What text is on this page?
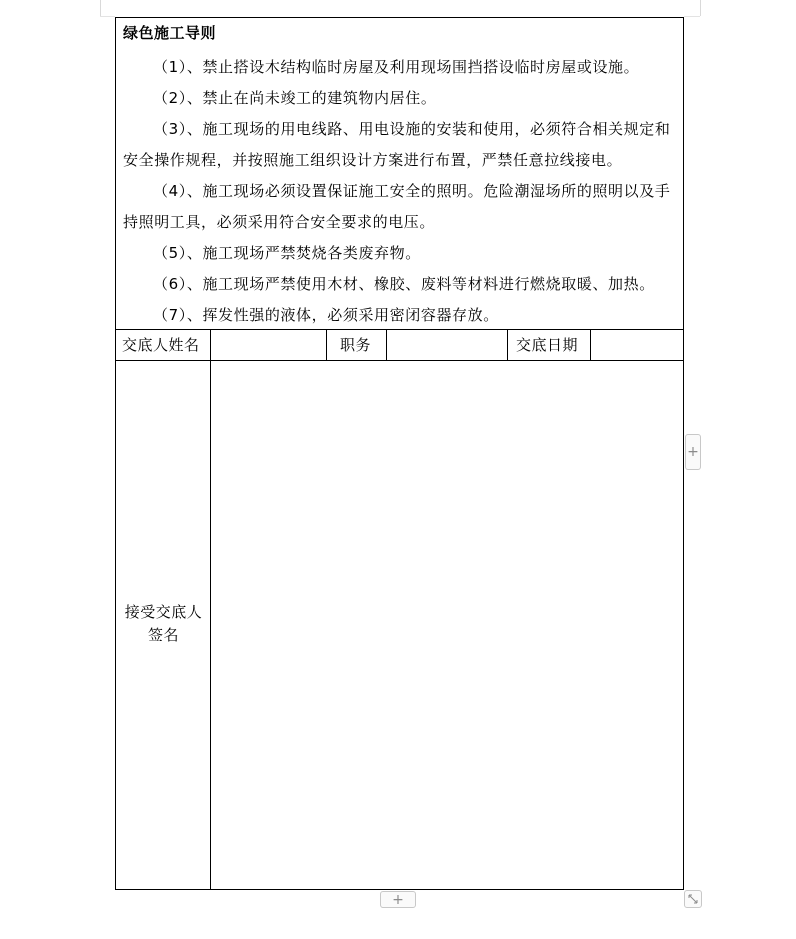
绿色施工导则

（1）、禁止搭设木结构临时房屋及利用现场围挡搭设临时房屋或设施。

（2）、禁止在尚未竣工的建筑物内居住。

（3）、施工现场的用电线路、用电设施的安装和使用，必须符合相关规定和安全操作规程，并按照施工组织设计方案进行布置，严禁任意拉线接电。

（4）、施工现场必须设置保证施工安全的照明。危险潮湿场所的照明以及手持照明工具，必须采用符合安全要求的电压。

（5）、施工现场严禁焚烧各类废弃物。

（6）、施工现场严禁使用木材、橡胶、废料等材料进行燃烧取暖、加热。

（7）、挥发性强的液体，必须采用密闭容器存放。

交底人姓名	职务	交底日期
接受交底人
签名
+
+
